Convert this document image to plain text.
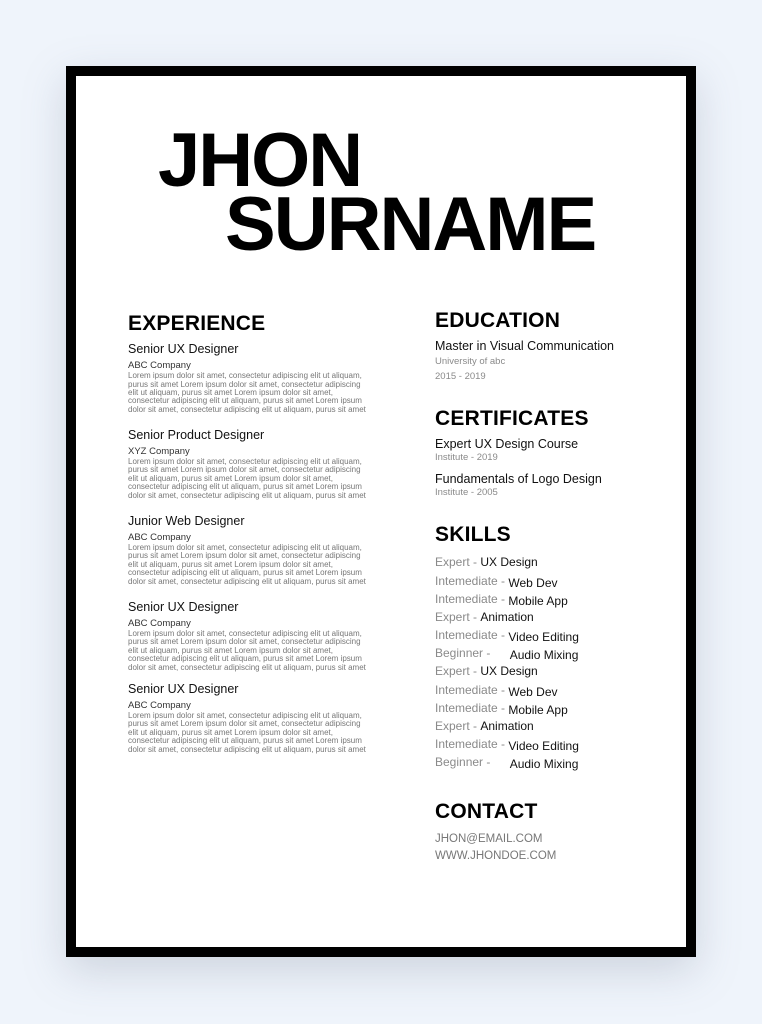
JHON
SURNAME
EXPERIENCE

Senior UX Designer

ABC Company

Lorem ipsum dolor sit amet, consectetur adipiscing elit ut aliquam, purus sit amet Lorem ipsum dolor sit amet, consectetur adipiscing elit ut aliquam, purus sit amet Lorem ipsum dolor sit amet, consectetur adipiscing elit ut aliquam, purus sit amet Lorem ipsum dolor sit amet, consectetur adipiscing elit ut aliquam, purus sit amet

Senior Product Designer

XYZ Company

Lorem ipsum dolor sit amet, consectetur adipiscing elit ut aliquam, purus sit amet Lorem ipsum dolor sit amet, consectetur adipiscing elit ut aliquam, purus sit amet Lorem ipsum dolor sit amet, consectetur adipiscing elit ut aliquam, purus sit amet Lorem ipsum dolor sit amet, consectetur adipiscing elit ut aliquam, purus sit amet

Junior Web Designer

ABC Company

Lorem ipsum dolor sit amet, consectetur adipiscing elit ut aliquam, purus sit amet Lorem ipsum dolor sit amet, consectetur adipiscing elit ut aliquam, purus sit amet Lorem ipsum dolor sit amet, consectetur adipiscing elit ut aliquam, purus sit amet Lorem ipsum dolor sit amet, consectetur adipiscing elit ut aliquam, purus sit amet

Senior UX Designer

ABC Company

Lorem ipsum dolor sit amet, consectetur adipiscing elit ut aliquam, purus sit amet Lorem ipsum dolor sit amet, consectetur adipiscing elit ut aliquam, purus sit amet Lorem ipsum dolor sit amet, consectetur adipiscing elit ut aliquam, purus sit amet Lorem ipsum dolor sit amet, consectetur adipiscing elit ut aliquam, purus sit amet

Senior UX Designer

ABC Company

Lorem ipsum dolor sit amet, consectetur adipiscing elit ut aliquam, purus sit amet Lorem ipsum dolor sit amet, consectetur adipiscing elit ut aliquam, purus sit amet Lorem ipsum dolor sit amet, consectetur adipiscing elit ut aliquam, purus sit amet Lorem ipsum dolor sit amet, consectetur adipiscing elit ut aliquam, purus sit amet

EDUCATION

Master in Visual Communication

University of abc

2015 - 2019

CERTIFICATES

Expert UX Design Course

Institute - 2019

Fundamentals of Logo Design

Institute - 2005

SKILLS
Expert - UX Design
Intemediate - Web Dev
Intemediate - Mobile App
Expert - Animation
Intemediate - Video Editing
Beginner - Audio Mixing
Expert - UX Design
Intemediate - Web Dev
Intemediate - Mobile App
Expert - Animation
Intemediate - Video Editing
Beginner - Audio Mixing
CONTACT

JHON@EMAIL.COM

WWW.JHONDOE.COM
